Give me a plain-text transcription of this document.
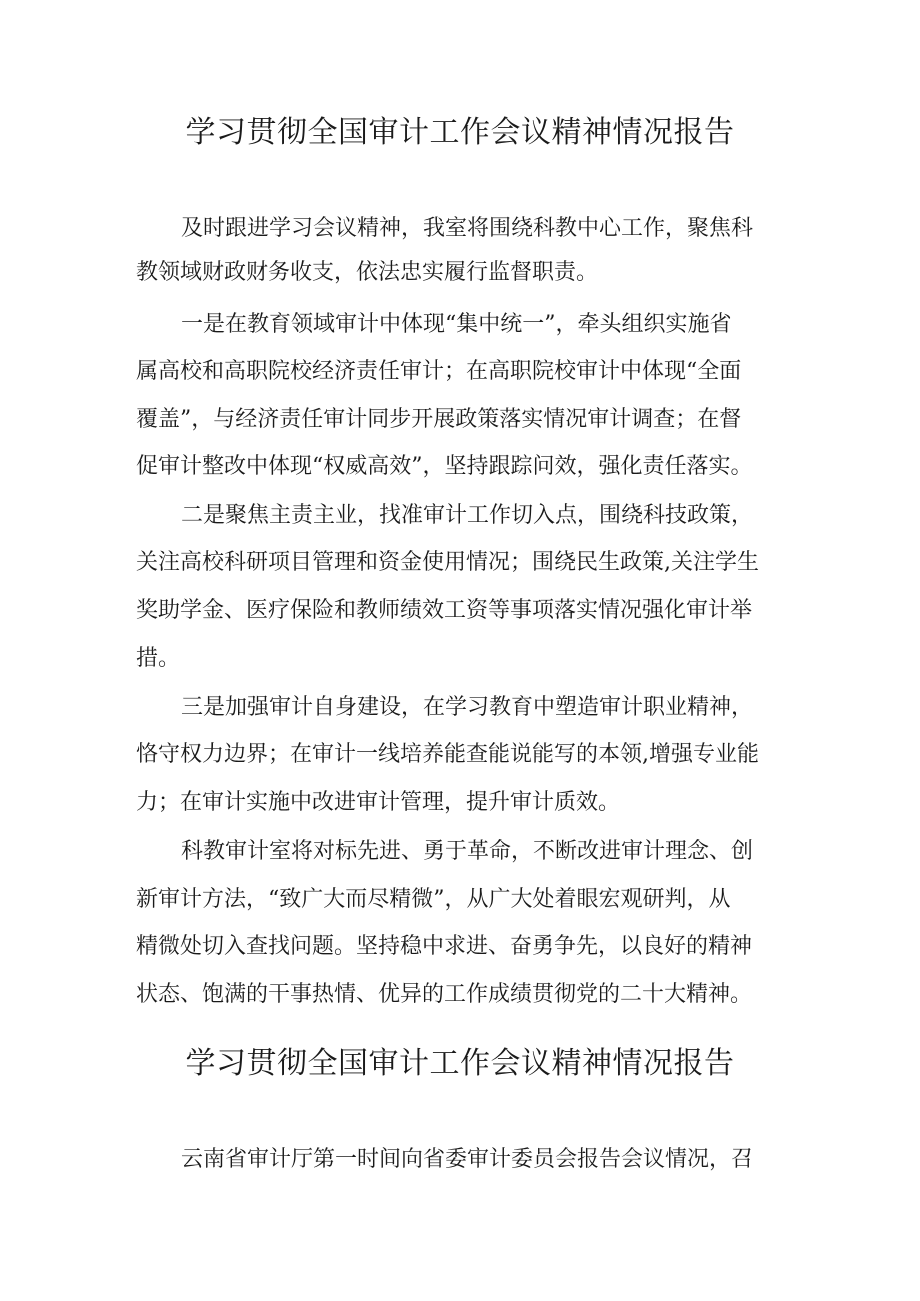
学习贯彻全国审计工作会议精神情况报告

及时跟进学习会议精神，我室将围绕科教中心工作，聚焦科

教领域财政财务收支，依法忠实履行监督职责。

一是在教育领域审计中体现“集中统一”，牵头组织实施省

属高校和高职院校经济责任审计；在高职院校审计中体现“全面

覆盖”，与经济责任审计同步开展政策落实情况审计调查；在督

促审计整改中体现“权威高效”，坚持跟踪问效，强化责任落实。

二是聚焦主责主业，找准审计工作切入点，围绕科技政策，

关注高校科研项目管理和资金使用情况；围绕民生政策,关注学生

奖助学金、医疗保险和教师绩效工资等事项落实情况强化审计举

措。

三是加强审计自身建设，在学习教育中塑造审计职业精神，

恪守权力边界；在审计一线培养能查能说能写的本领,增强专业能

力；在审计实施中改进审计管理，提升审计质效。

科教审计室将对标先进、勇于革命，不断改进审计理念、创

新审计方法，“致广大而尽精微”，从广大处着眼宏观研判，从

精微处切入查找问题。坚持稳中求进、奋勇争先，以良好的精神

状态、饱满的干事热情、优异的工作成绩贯彻党的二十大精神。

学习贯彻全国审计工作会议精神情况报告

云南省审计厅第一时间向省委审计委员会报告会议情况，召
